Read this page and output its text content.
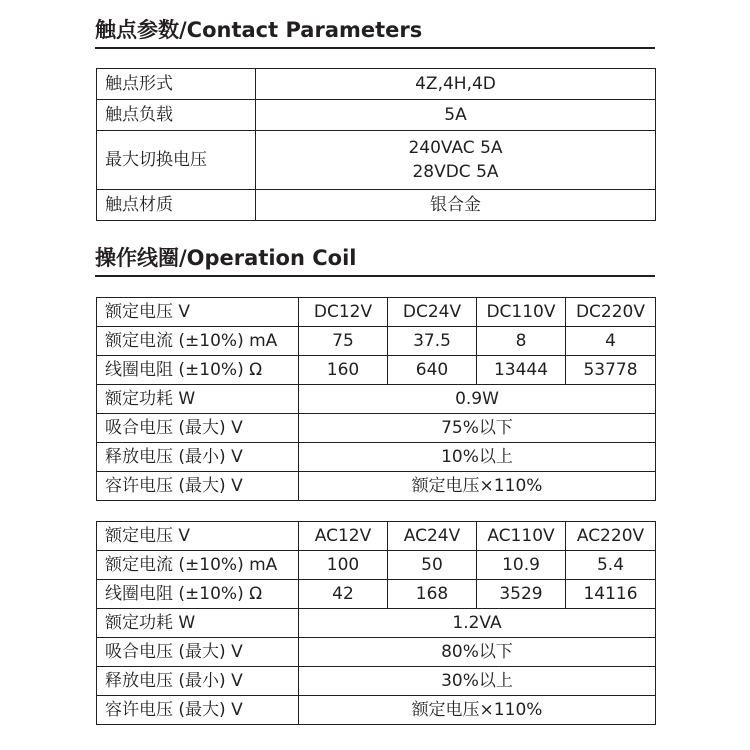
触点参数/Contact Parameters
触点形式	4Z,4H,4D
触点负载	5A
最大切换电压	240VAC 5A
28VDC 5A

触点材质	银合金
操作线圈/Operation Coil
额定电压 V	DC12V	DC24V	DC110V	DC220V
额定电流 (±10%) mA	75	37.5	8	4
线圈电阻 (±10%) Ω	160	640	13444	53778
额定功耗 W	0.9W			
吸合电压 (最大) V	75%以下			
释放电压 (最小) V	10%以上			
容许电压 (最大) V	额定电压×110%			
额定电压 V	AC12V	AC24V	AC110V	AC220V
额定电流 (±10%) mA	100	50	10.9	5.4
线圈电阻 (±10%) Ω	42	168	3529	14116
额定功耗 W	1.2VA			
吸合电压 (最大) V	80%以下			
释放电压 (最小) V	30%以上			
容许电压 (最大) V	额定电压×110%			
